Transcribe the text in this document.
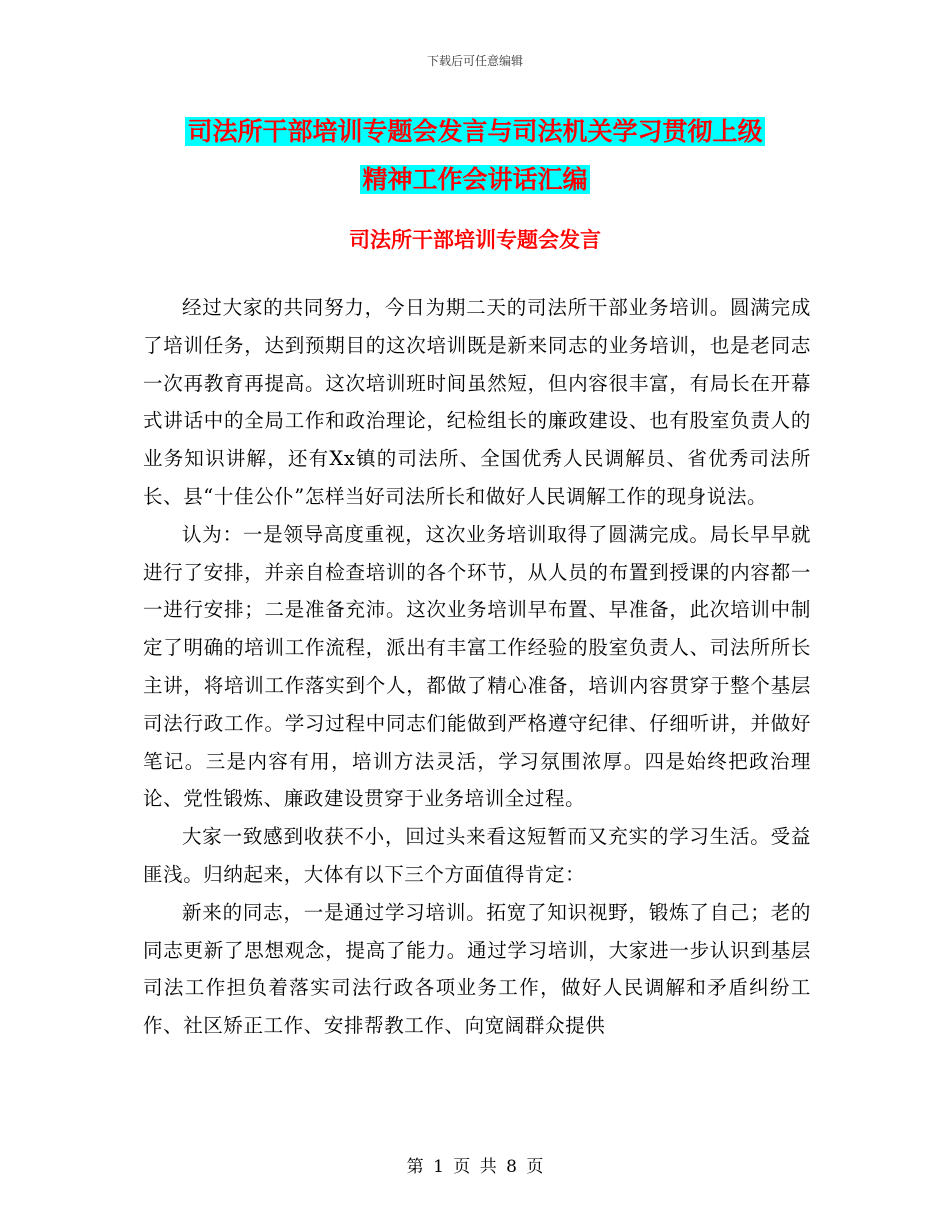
下载后可任意编辑
司法所干部培训专题会发言与司法机关学习贯彻上级
精神工作会讲话汇编
司法所干部培训专题会发言

经过大家的共同努力，今日为期二天的司法所干部业务培训。圆满完成了培训任务，达到预期目的这次培训既是新来同志的业务培训，也是老同志一次再教育再提高。这次培训班时间虽然短，但内容很丰富，有局长在开幕式讲话中的全局工作和政治理论，纪检组长的廉政建设、也有股室负责人的业务知识讲解，还有Xx镇的司法所、全国优秀人民调解员、省优秀司法所长、县“十佳公仆”怎样当好司法所长和做好人民调解工作的现身说法。

认为：一是领导高度重视，这次业务培训取得了圆满完成。局长早早就进行了安排，并亲自检查培训的各个环节，从人员的布置到授课的内容都一一进行安排；二是准备充沛。这次业务培训早布置、早准备，此次培训中制定了明确的培训工作流程，派出有丰富工作经验的股室负责人、司法所所长主讲，将培训工作落实到个人，都做了精心准备，培训内容贯穿于整个基层司法行政工作。学习过程中同志们能做到严格遵守纪律、仔细听讲，并做好笔记。三是内容有用，培训方法灵活，学习氛围浓厚。四是始终把政治理论、党性锻炼、廉政建设贯穿于业务培训全过程。

大家一致感到收获不小，回过头来看这短暂而又充实的学习生活。受益匪浅。归纳起来，大体有以下三个方面值得肯定：

新来的同志，一是通过学习培训。拓宽了知识视野，锻炼了自己；老的同志更新了思想观念，提高了能力。通过学习培训，大家进一步认识到基层司法工作担负着落实司法行政各项业务工作，做好人民调解和矛盾纠纷工作、社区矫正工作、安排帮教工作、向宽阔群众提供

第 1 页 共 8 页
